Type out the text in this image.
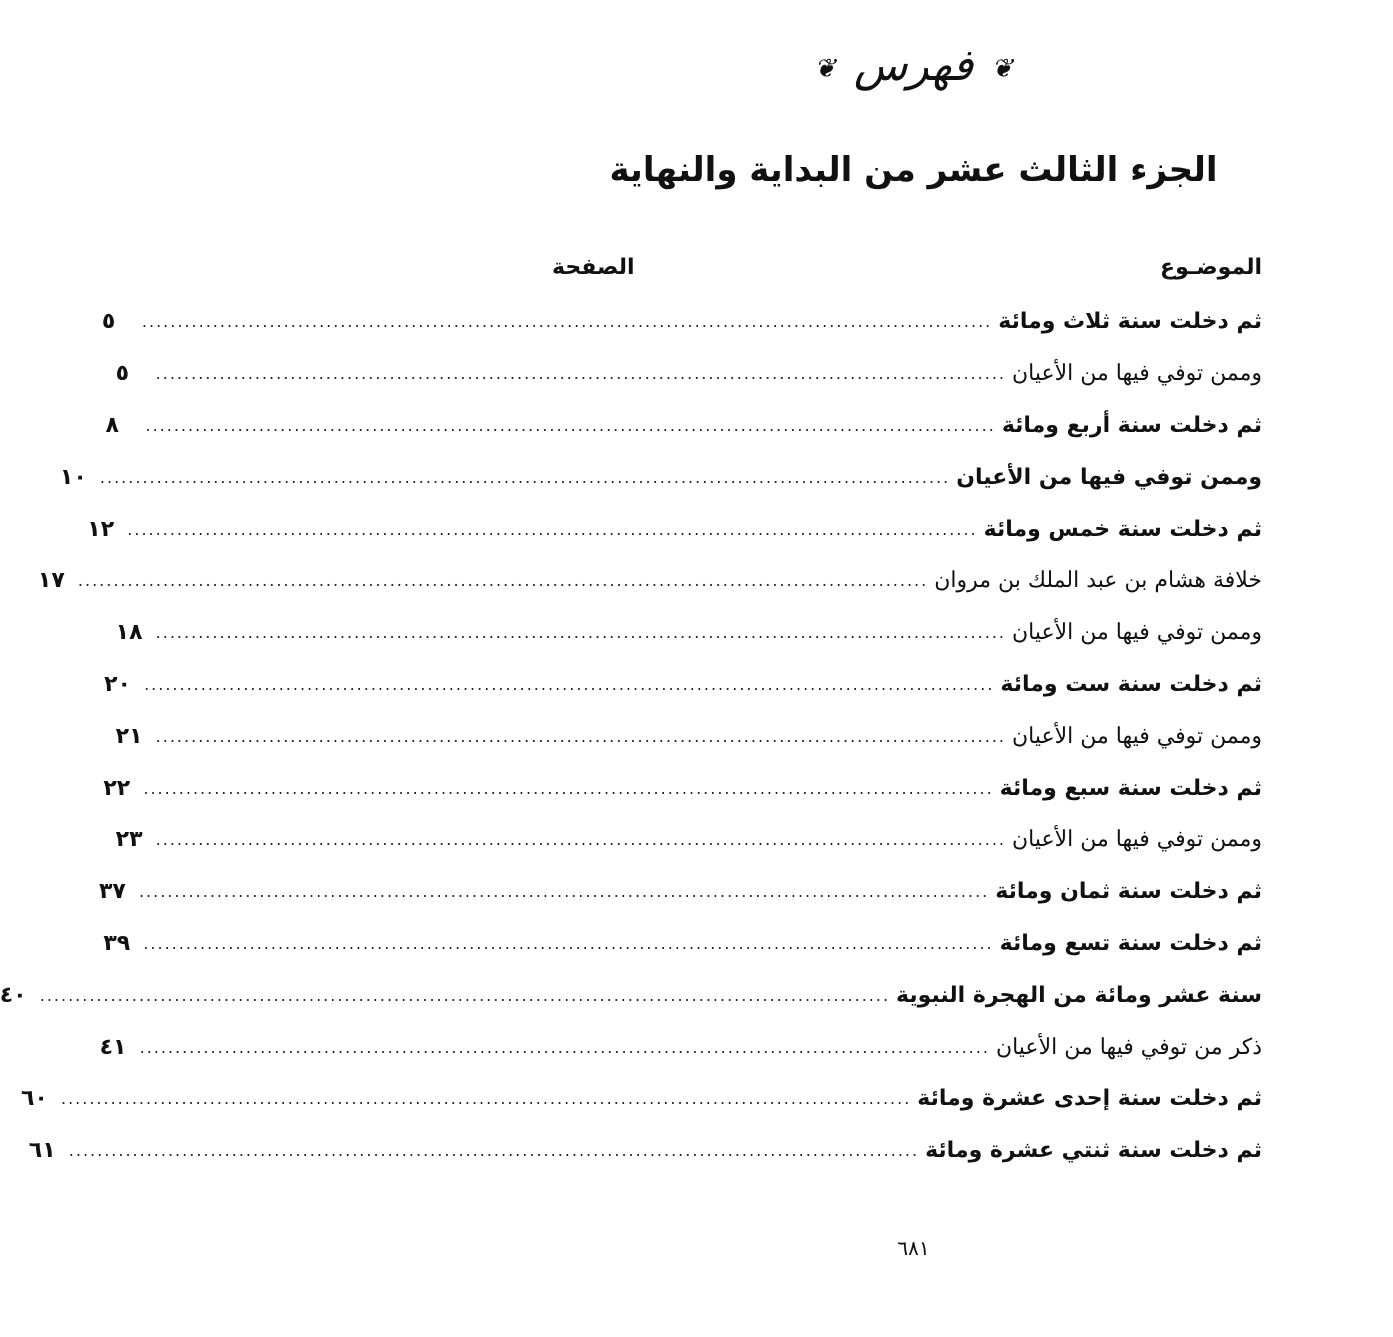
❦ فهرس ❦
الجزء الثالث عشر من البداية والنهاية
الموضـوع
الصفحة
ثم دخلت سنة ثلاث ومائة
........................................................................................................................
٥
وممن توفي فيها من الأعيان
........................................................................................................................
٥
ثم دخلت سنة أربع ومائة
........................................................................................................................
٨
وممن توفي فيها من الأعيان
........................................................................................................................
١٠
ثم دخلت سنة خمس ومائة
........................................................................................................................
١٢
خلافة هشام بن عبد الملك بن مروان
........................................................................................................................
١٧
وممن توفي فيها من الأعيان
........................................................................................................................
١٨
ثم دخلت سنة ست ومائة
........................................................................................................................
٢٠
وممن توفي فيها من الأعيان
........................................................................................................................
٢١
ثم دخلت سنة سبع ومائة
........................................................................................................................
٢٢
وممن توفي فيها من الأعيان
........................................................................................................................
٢٣
ثم دخلت سنة ثمان ومائة
........................................................................................................................
٣٧
ثم دخلت سنة تسع ومائة
........................................................................................................................
٣٩
سنة عشر ومائة من الهجرة النبوية
........................................................................................................................
٤٠
ذكر من توفي فيها من الأعيان
........................................................................................................................
٤١
ثم دخلت سنة إحدى عشرة ومائة
........................................................................................................................
٦٠
ثم دخلت سنة ثنتي عشرة ومائة
........................................................................................................................
٦١
٦٨١
